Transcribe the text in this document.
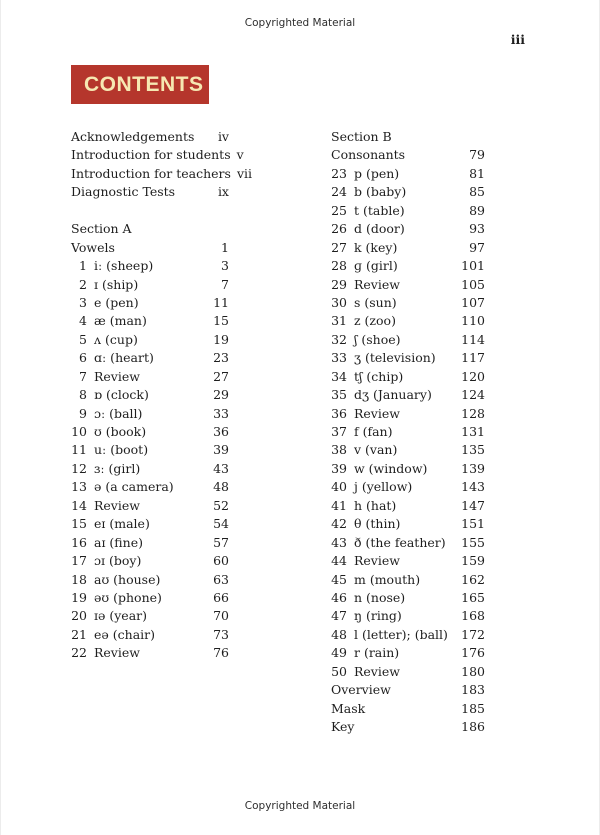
Copyrighted Material
iii
CONTENTS
Acknowledgements	iv
Introduction for students v
Introduction for teachers vii
Diagnostic Tests	ix
Section A
Vowels	1
1 iː (sheep)	3
2 ɪ (ship)	7
3 e (pen)	11
4 æ (man)	15
5 ʌ (cup)	19
6 ɑː (heart)	23
7 Review	27
8 ɒ (clock)	29
9 ɔː (ball)	33
10 ʊ (book)	36
11 uː (boot)	39
12 ɜː (girl)	43
13 ə (a camera)	48
14 Review	52
15 eɪ (male)	54
16 aɪ (fine)	57
17 ɔɪ (boy)	60
18 aʊ (house)	63
19 əʊ (phone)	66
20 ɪə (year)	70
21 eə (chair)	73
22 Review	76
Section B
Consonants	79
23 p (pen)	81
24 b (baby)	85
25 t (table)	89
26 d (door)	93
27 k (key)	97
28 ɡ (girl)	101
29 Review	105
30 s (sun)	107
31 z (zoo)	110
32 ʃ (shoe)	114
33 ʒ (television)	117
34 tʃ (chip)	120
35 dʒ (January)	124
36 Review	128
37 f (fan)	131
38 v (van)	135
39 w (window)	139
40 j (yellow)	143
41 h (hat)	147
42 θ (thin)	151
43 ð (the feather)	155
44 Review	159
45 m (mouth)	162
46 n (nose)	165
47 ŋ (ring)	168
48 l (letter); (ball)	172
49 r (rain)	176
50 Review	180
Overview	183
Mask	185
Key	186
Copyrighted Material
